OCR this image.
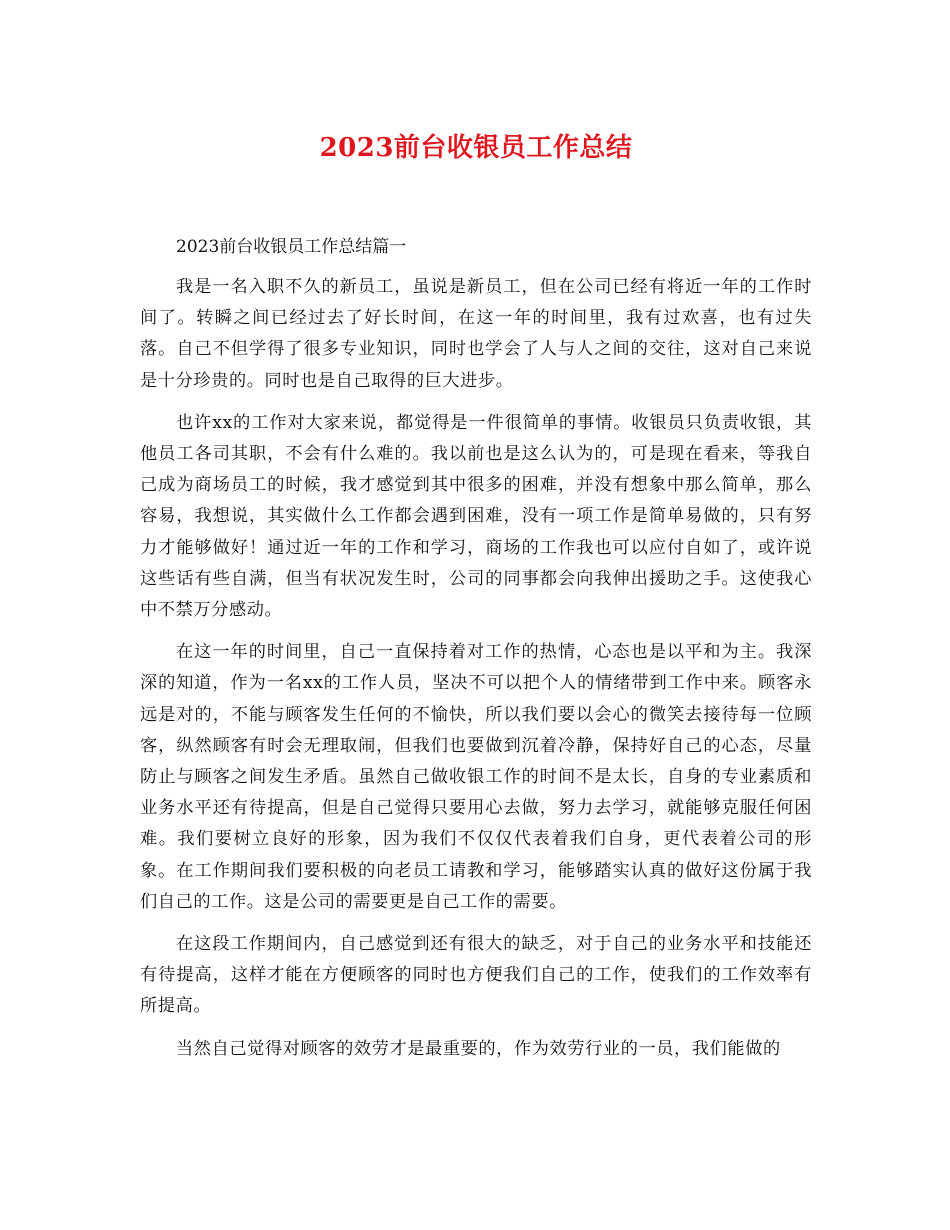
2023前台收银员工作总结

2023前台收银员工作总结篇一

我是一名入职不久的新员工，虽说是新员工，但在公司已经有将近一年的工作时间了。转瞬之间已经过去了好长时间，在这一年的时间里，我有过欢喜，也有过失落。自己不但学得了很多专业知识，同时也学会了人与人之间的交往，这对自己来说是十分珍贵的。同时也是自己取得的巨大进步。

也许xx的工作对大家来说，都觉得是一件很简单的事情。收银员只负责收银，其他员工各司其职，不会有什么难的。我以前也是这么认为的，可是现在看来，等我自己成为商场员工的时候，我才感觉到其中很多的困难，并没有想象中那么简单，那么容易，我想说，其实做什么工作都会遇到困难，没有一项工作是简单易做的，只有努力才能够做好！通过近一年的工作和学习，商场的工作我也可以应付自如了，或许说这些话有些自满，但当有状况发生时，公司的同事都会向我伸出援助之手。这使我心中不禁万分感动。

在这一年的时间里，自己一直保持着对工作的热情，心态也是以平和为主。我深深的知道，作为一名xx的工作人员，坚决不可以把个人的情绪带到工作中来。顾客永远是对的，不能与顾客发生任何的不愉快，所以我们要以会心的微笑去接待每一位顾客，纵然顾客有时会无理取闹，但我们也要做到沉着冷静，保持好自己的心态，尽量防止与顾客之间发生矛盾。虽然自己做收银工作的时间不是太长，自身的专业素质和业务水平还有待提高，但是自己觉得只要用心去做，努力去学习，就能够克服任何困难。我们要树立良好的形象，因为我们不仅仅代表着我们自身，更代表着公司的形象。在工作期间我们要积极的向老员工请教和学习，能够踏实认真的做好这份属于我们自己的工作。这是公司的需要更是自己工作的需要。

在这段工作期间内，自己感觉到还有很大的缺乏，对于自己的业务水平和技能还有待提高，这样才能在方便顾客的同时也方便我们自己的工作，使我们的工作效率有所提高。

当然自己觉得对顾客的效劳才是最重要的，作为效劳行业的一员，我们能做的
